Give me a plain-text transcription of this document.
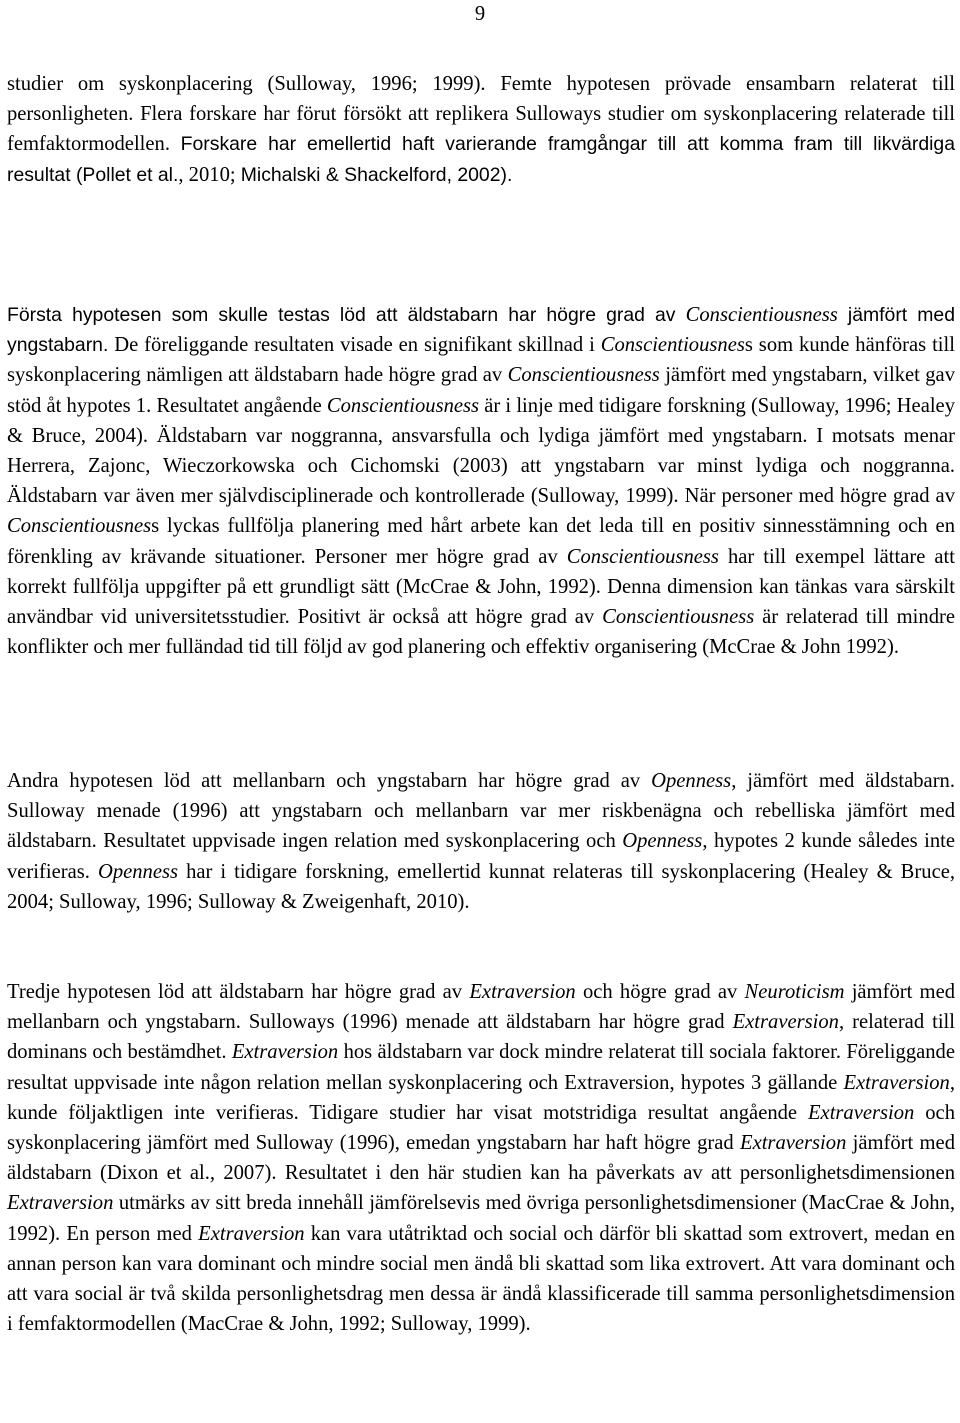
9

studier om syskonplacering (Sulloway, 1996; 1999). Femte hypotesen prövade ensambarn relaterat till personligheten. Flera forskare har förut försökt att replikera Sulloways studier om syskonplacering relaterade till femfaktormodellen. Forskare har emellertid haft varierande framgångar till att komma fram till likvärdiga resultat (Pollet et al., 2010; Michalski & Shackelford, 2002).

Första hypotesen som skulle testas löd att äldstabarn har högre grad av Conscientiousness jämfört med yngstabarn. De föreliggande resultaten visade en signifikant skillnad i Conscientiousness som kunde hänföras till syskonplacering nämligen att äldstabarn hade högre grad av Conscientiousness jämfört med yngstabarn, vilket gav stöd åt hypotes 1. Resultatet angående Conscientiousness är i linje med tidigare forskning (Sulloway, 1996; Healey & Bruce, 2004). Äldstabarn var noggranna, ansvarsfulla och lydiga jämfört med yngstabarn. I motsats menar Herrera, Zajonc, Wieczorkowska och Cichomski (2003) att yngstabarn var minst lydiga och noggranna. Äldstabarn var även mer självdisciplinerade och kontrollerade (Sulloway, 1999). När personer med högre grad av Conscientiousness lyckas fullfölja planering med hårt arbete kan det leda till en positiv sinnesstämning och en förenkling av krävande situationer. Personer mer högre grad av Conscientiousness har till exempel lättare att korrekt fullfölja uppgifter på ett grundligt sätt (McCrae & John, 1992). Denna dimension kan tänkas vara särskilt användbar vid universitetsstudier. Positivt är också att högre grad av Conscientiousness är relaterad till mindre konflikter och mer fulländad tid till följd av god planering och effektiv organisering (McCrae & John 1992).

Andra hypotesen löd att mellanbarn och yngstabarn har högre grad av Openness, jämfört med äldstabarn. Sulloway menade (1996) att yngstabarn och mellanbarn var mer riskbenägna och rebelliska jämfört med äldstabarn. Resultatet uppvisade ingen relation med syskonplacering och Openness, hypotes 2 kunde således inte verifieras. Openness har i tidigare forskning, emellertid kunnat relateras till syskonplacering (Healey & Bruce, 2004; Sulloway, 1996; Sulloway & Zweigenhaft, 2010).

Tredje hypotesen löd att äldstabarn har högre grad av Extraversion och högre grad av Neuroticism jämfört med mellanbarn och yngstabarn. Sulloways (1996) menade att äldstabarn har högre grad Extraversion, relaterad till dominans och bestämdhet. Extraversion hos äldstabarn var dock mindre relaterat till sociala faktorer. Föreliggande resultat uppvisade inte någon relation mellan syskonplacering och Extraversion, hypotes 3 gällande Extraversion, kunde följaktligen inte verifieras. Tidigare studier har visat motstridiga resultat angående Extraversion och syskonplacering jämfört med Sulloway (1996), emedan yngstabarn har haft högre grad Extraversion jämfört med äldstabarn (Dixon et al., 2007). Resultatet i den här studien kan ha påverkats av att personlighetsdimensionen Extraversion utmärks av sitt breda innehåll jämförelsevis med övriga personlighetsdimensioner (MacCrae & John, 1992). En person med Extraversion kan vara utåtriktad och social och därför bli skattad som extrovert, medan en annan person kan vara dominant och mindre social men ändå bli skattad som lika extrovert. Att vara dominant och att vara social är två skilda personlighetsdrag men dessa är ändå klassificerade till samma personlighetsdimension i femfaktormodellen (MacCrae & John, 1992; Sulloway, 1999).
